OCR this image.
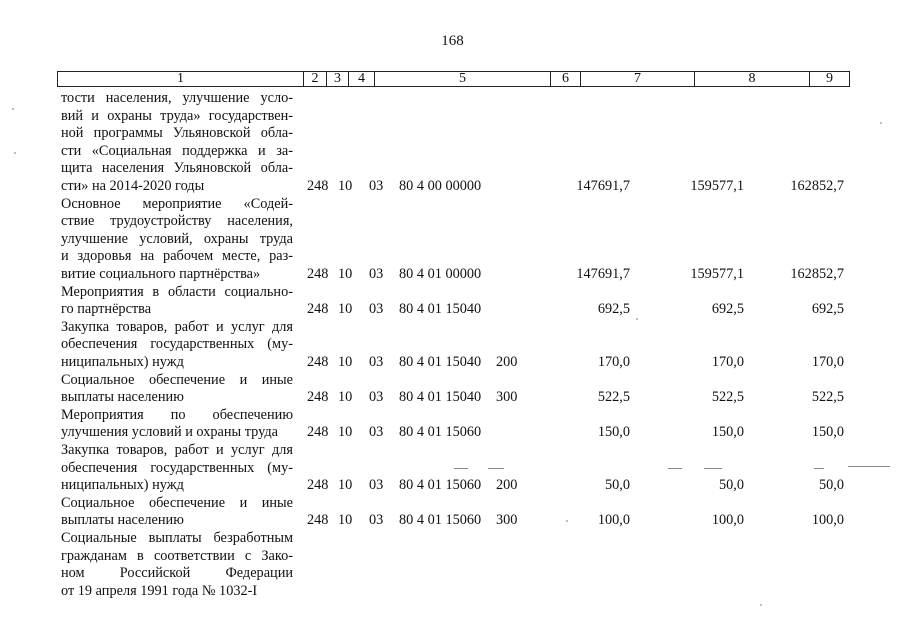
168
1	2	3	4	5	6	7	8	9
тости населения, улучшение усло-
вий и охраны труда» государствен-
ной программы Ульяновской обла-
сти «Социальная поддержка и за-
щита населения Ульяновской обла-
сти» на 2014-2020 годы	248 10	03	80 4 00 00000	147691,7	159577,1	162852,7
Основное мероприятие «Содей-
ствие трудоустройству населения,
улучшение условий, охраны труда
и здоровья на рабочем месте, раз-
витие социального партнёрства»	248 10	03	80 4 01 00000	147691,7	159577,1	162852,7
Мероприятия в области социально-
го партнёрства	248 10	03	80 4 01 15040	692,5	692,5	692,5
Закупка товаров, работ и услуг для
обеспечения государственных (му-
ниципальных) нужд	248 10	03	80 4 01 15040	200	170,0	170,0	170,0
Социальное обеспечение и иные
выплаты населению	248 10	03	80 4 01 15040	300	522,5	522,5	522,5
Мероприятия по обеспечению
улучшения условий и охраны труда	248 10	03	80 4 01 15060	150,0	150,0	150,0
Закупка товаров, работ и услуг для
обеспечения государственных (му-
ниципальных) нужд	248 10	03	80 4 01 15060	200	50,0	50,0	50,0
Социальное обеспечение и иные
выплаты населению	248 10	03	80 4 01 15060	300	100,0	100,0	100,0
Социальные выплаты безработным
гражданам в соответствии с Зако-
ном Российской Федерации
от 19 апреля 1991 года № 1032-I
